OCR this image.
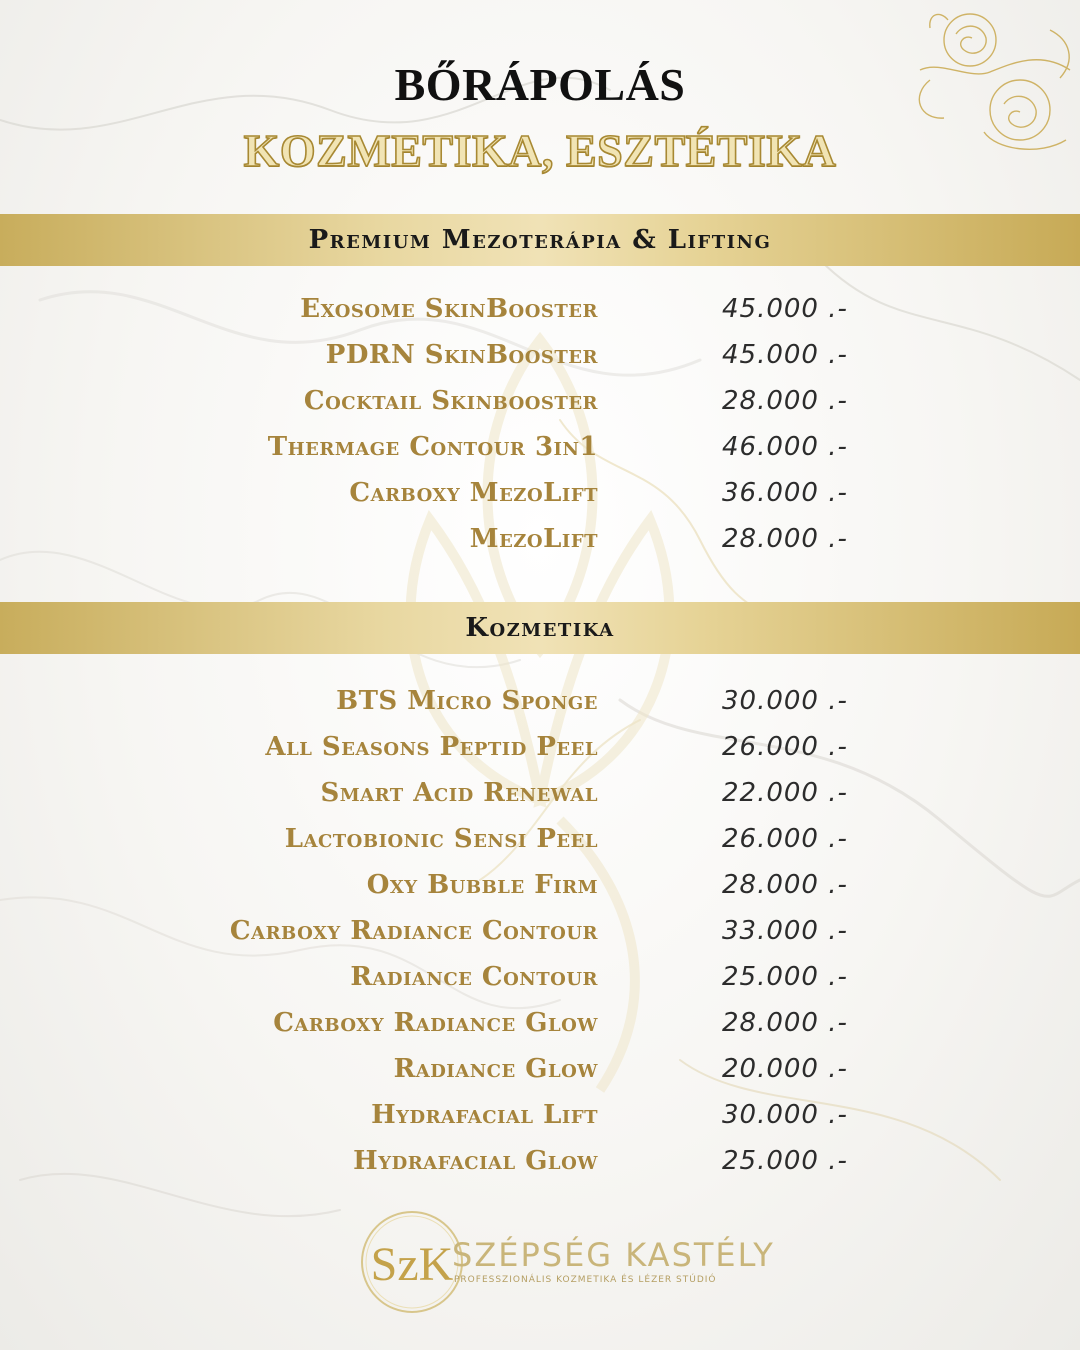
BŐRÁPOLÁS
KOZMETIKA, ESZTÉTIKA
Premium Mezoterápia & Lifting
Exosome SkinBooster	45.000 .-
PDRN SkinBooster	45.000 .-
Cocktail Skinbooster	28.000 .-
Thermage Contour 3in1	46.000 .-
Carboxy MezoLift	36.000 .-
MezoLift	28.000 .-
Kozmetika
BTS Micro Sponge	30.000 .-
All Seasons Peptid Peel	26.000 .-
Smart Acid Renewal	22.000 .-
Lactobionic Sensi Peel	26.000 .-
Oxy Bubble Firm	28.000 .-
Carboxy Radiance Contour	33.000 .-
Radiance Contour	25.000 .-
Carboxy Radiance Glow	28.000 .-
Radiance Glow	20.000 .-
Hydrafacial Lift	30.000 .-
Hydrafacial Glow	25.000 .-
SzK
SZÉPSÉG KASTÉLY
PROFESSZIONÁLIS KOZMETIKA ÉS LÉZER STÚDIÓ
